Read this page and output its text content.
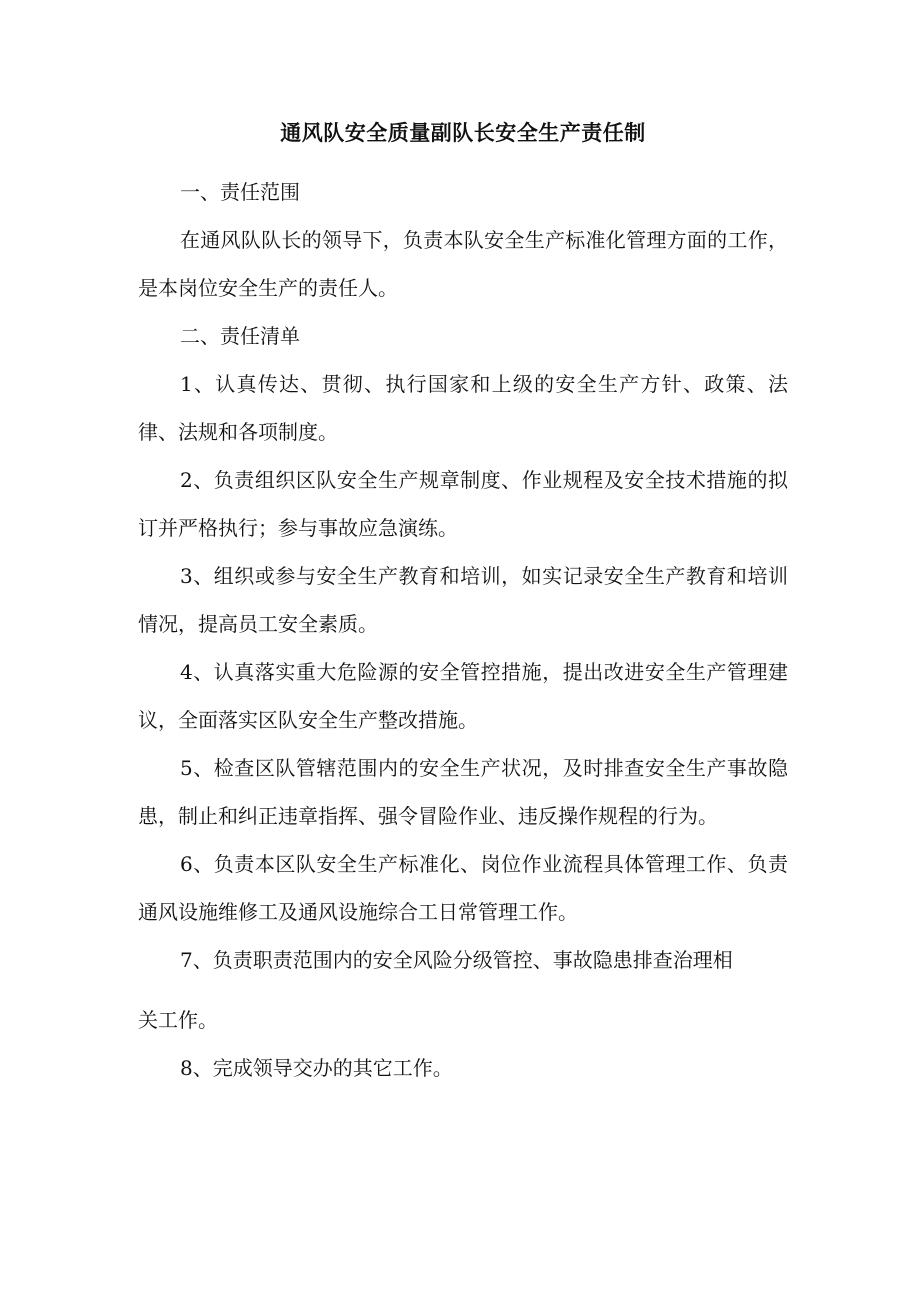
通风队安全质量副队长安全生产责任制

一、责任范围

在通风队队长的领导下，负责本队安全生产标准化管理方面的工作，是本岗位安全生产的责任人。

二、责任清单

1、认真传达、贯彻、执行国家和上级的安全生产方针、政策、法律、法规和各项制度。

2、负责组织区队安全生产规章制度、作业规程及安全技术措施的拟订并严格执行；参与事故应急演练。

3、组织或参与安全生产教育和培训，如实记录安全生产教育和培训情况，提高员工安全素质。

4、认真落实重大危险源的安全管控措施，提出改进安全生产管理建议，全面落实区队安全生产整改措施。

5、检查区队管辖范围内的安全生产状况，及时排查安全生产事故隐患，制止和纠正违章指挥、强令冒险作业、违反操作规程的行为。

6、负责本区队安全生产标准化、岗位作业流程具体管理工作、负责通风设施维修工及通风设施综合工日常管理工作。

7、负责职责范围内的安全风险分级管控、事故隐患排查治理相

关工作。

8、完成领导交办的其它工作。
